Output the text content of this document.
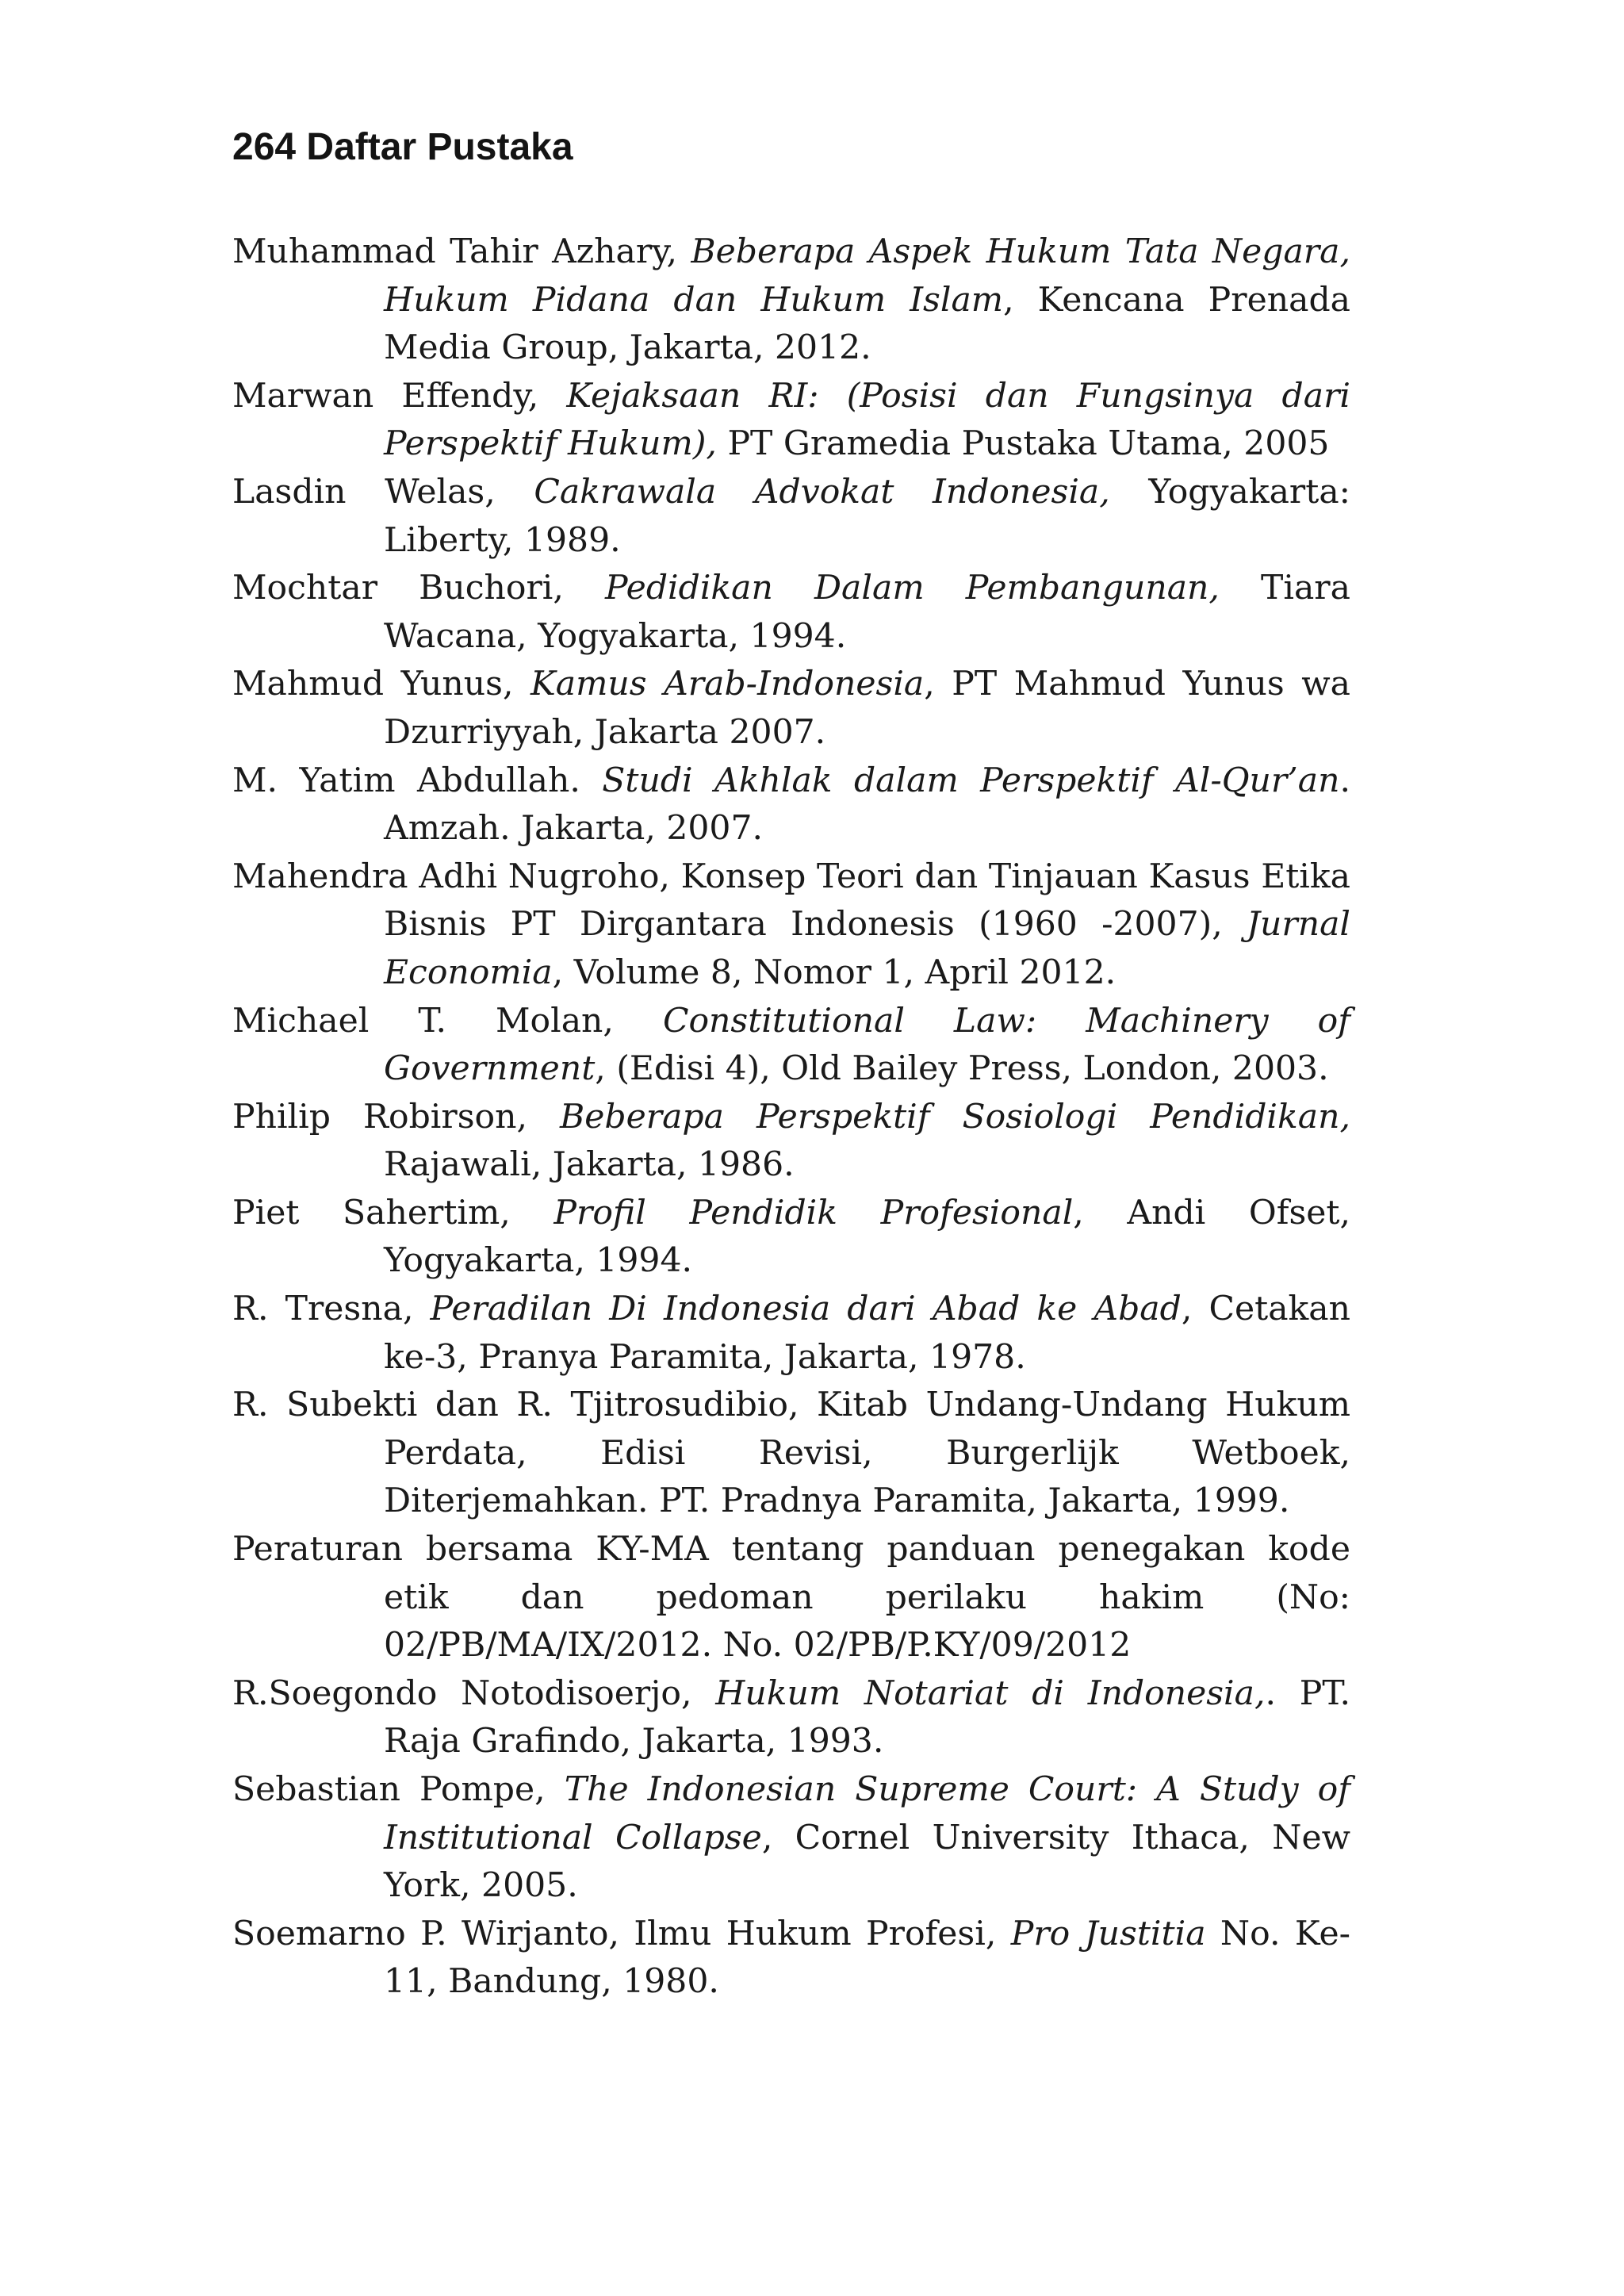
264 Daftar Pustaka
Muhammad Tahir Azhary, Beberapa Aspek Hukum Tata Negara, Hukum Pidana dan Hukum Islam, Kencana Prenada Media Group, Jakarta, 2012.
Marwan Effendy, Kejaksaan RI: (Posisi dan Fungsinya dari Perspektif Hukum), PT Gramedia Pustaka Utama, 2005
Lasdin Welas, Cakrawala Advokat Indonesia, Yogyakarta: Liberty, 1989.
Mochtar Buchori, Pedidikan Dalam Pembangunan, Tiara Wacana, Yogyakarta, 1994.
Mahmud Yunus, Kamus Arab-Indonesia, PT Mahmud Yunus wa Dzurriyyah, Jakarta 2007.
M. Yatim Abdullah. Studi Akhlak dalam Perspektif Al-Qur’an. Amzah. Jakarta, 2007.
Mahendra Adhi Nugroho, Konsep Teori dan Tinjauan Kasus Etika Bisnis PT Dirgantara Indonesis (1960 -2007), Jurnal Economia, Volume 8, Nomor 1, April 2012.
Michael T. Molan, Constitutional Law: Machinery of Government, (Edisi 4), Old Bailey Press, London, 2003.
Philip Robirson, Beberapa Perspektif Sosiologi Pendidikan, Rajawali, Jakarta, 1986.
Piet Sahertim, Profil Pendidik Profesional, Andi Ofset, Yogyakarta, 1994.
R. Tresna, Peradilan Di Indonesia dari Abad ke Abad, Cetakan ke-3, Pranya Paramita, Jakarta, 1978.
R. Subekti dan R. Tjitrosudibio, Kitab Undang-Undang Hukum Perdata, Edisi Revisi, Burgerlijk Wetboek, Diterjemahkan. PT. Pradnya Paramita, Jakarta, 1999.
Peraturan bersama KY-MA tentang panduan penegakan kode etik dan pedoman perilaku hakim (No: 02/PB/MA/IX/2012. No. 02/PB/P.KY/09/2012
R.Soegondo Notodisoerjo, Hukum Notariat di Indonesia,. PT. Raja Grafindo, Jakarta, 1993.
Sebastian Pompe, The Indonesian Supreme Court: A Study of Institutional Collapse, Cornel University Ithaca, New York, 2005.
Soemarno P. Wirjanto, Ilmu Hukum Profesi, Pro Justitia No. Ke-11, Bandung, 1980.
